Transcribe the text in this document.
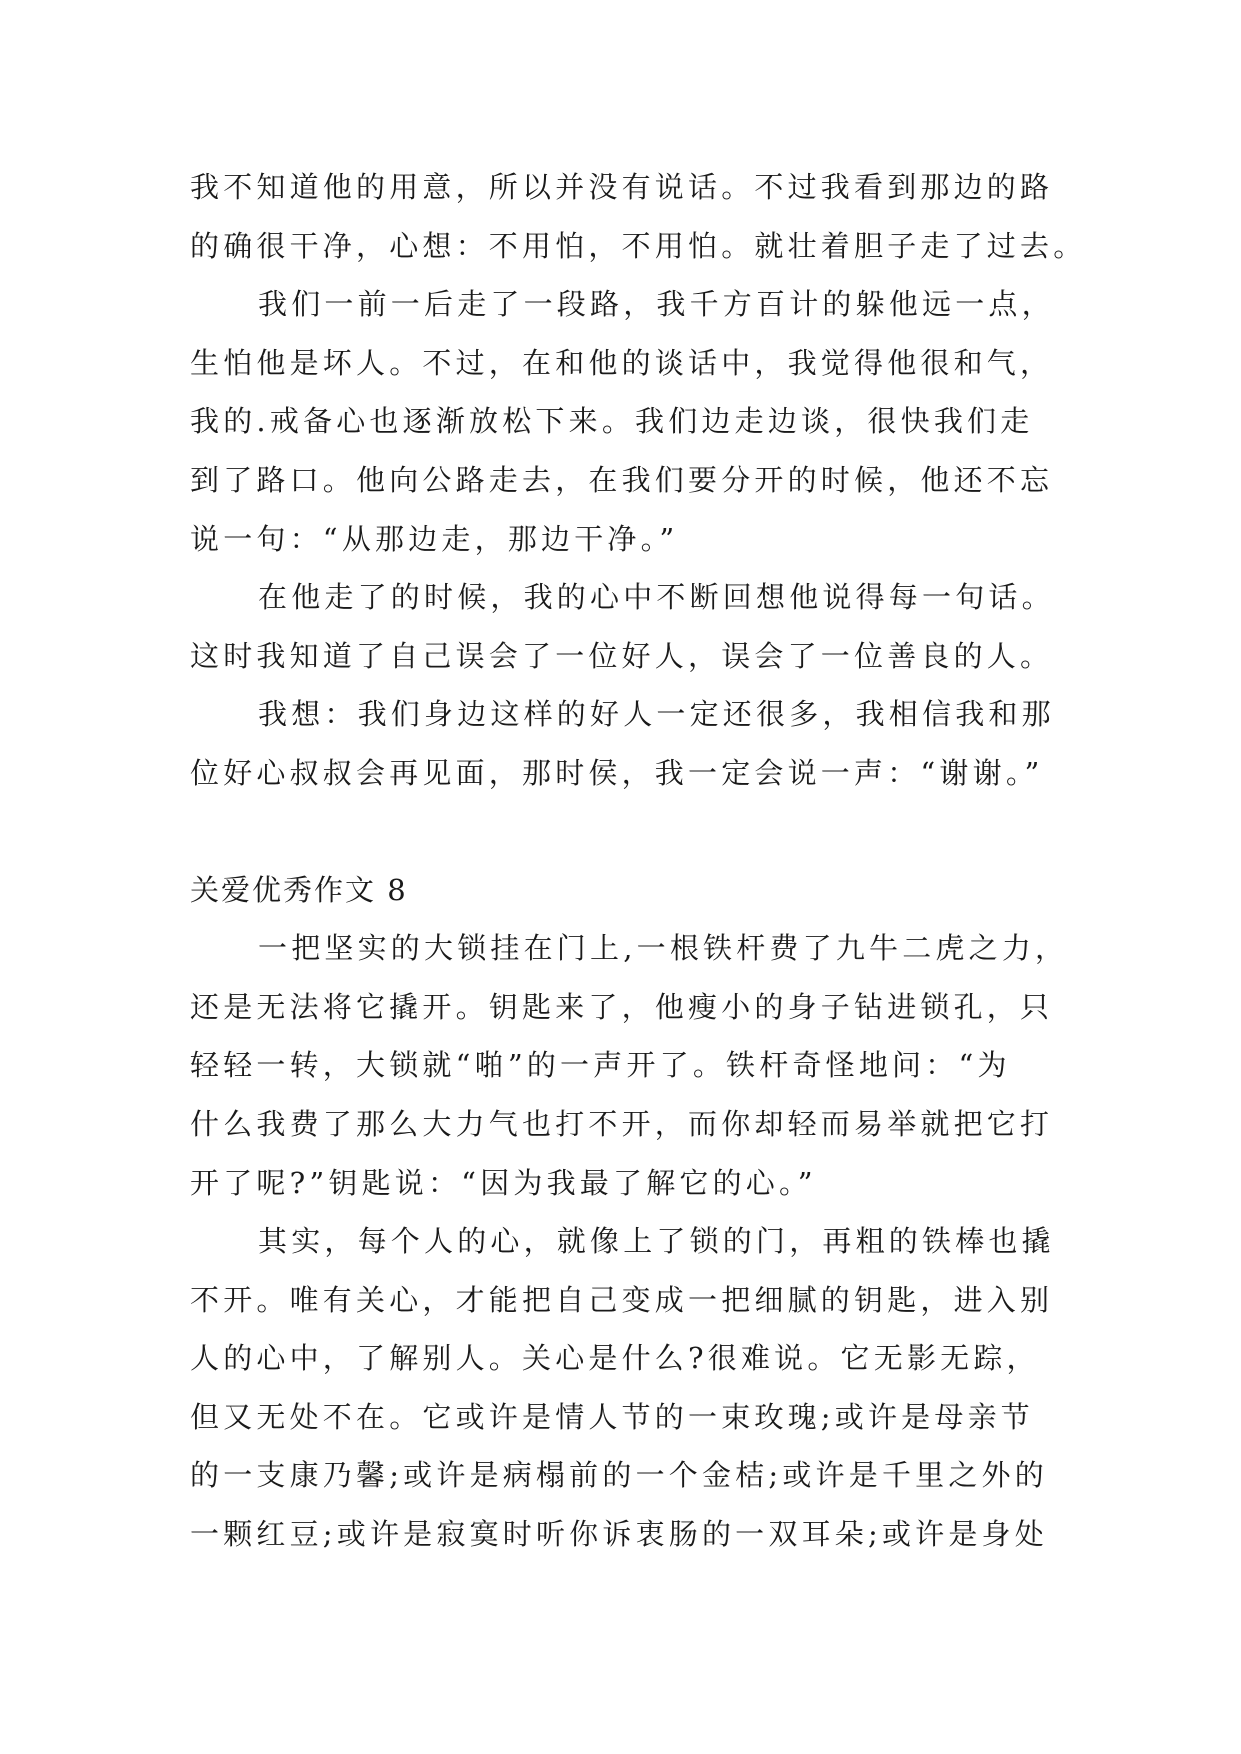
我不知道他的用意，所以并没有说话。不过我看到那边的路
的确很干净，心想：不用怕，不用怕。就壮着胆子走了过去。
我们一前一后走了一段路，我千方百计的躲他远一点，
生怕他是坏人。不过，在和他的谈话中，我觉得他很和气，
我的.戒备心也逐渐放松下来。我们边走边谈，很快我们走
到了路口。他向公路走去，在我们要分开的时候，他还不忘
说一句：“从那边走，那边干净。”
在他走了的时候，我的心中不断回想他说得每一句话。
这时我知道了自己误会了一位好人，误会了一位善良的人。
我想：我们身边这样的好人一定还很多，我相信我和那
位好心叔叔会再见面，那时侯，我一定会说一声：“谢谢。”
关爱优秀作文 8
一把坚实的大锁挂在门上,一根铁杆费了九牛二虎之力，
还是无法将它撬开。钥匙来了，他瘦小的身子钻进锁孔，只
轻轻一转，大锁就“啪”的一声开了。铁杆奇怪地问：“为
什么我费了那么大力气也打不开，而你却轻而易举就把它打
开了呢?”钥匙说：“因为我最了解它的心。”
其实，每个人的心，就像上了锁的门，再粗的铁棒也撬
不开。唯有关心，才能把自己变成一把细腻的钥匙，进入别
人的心中，了解别人。关心是什么?很难说。它无影无踪，
但又无处不在。它或许是情人节的一束玫瑰;或许是母亲节
的一支康乃馨;或许是病榻前的一个金桔;或许是千里之外的
一颗红豆;或许是寂寞时听你诉衷肠的一双耳朵;或许是身处
